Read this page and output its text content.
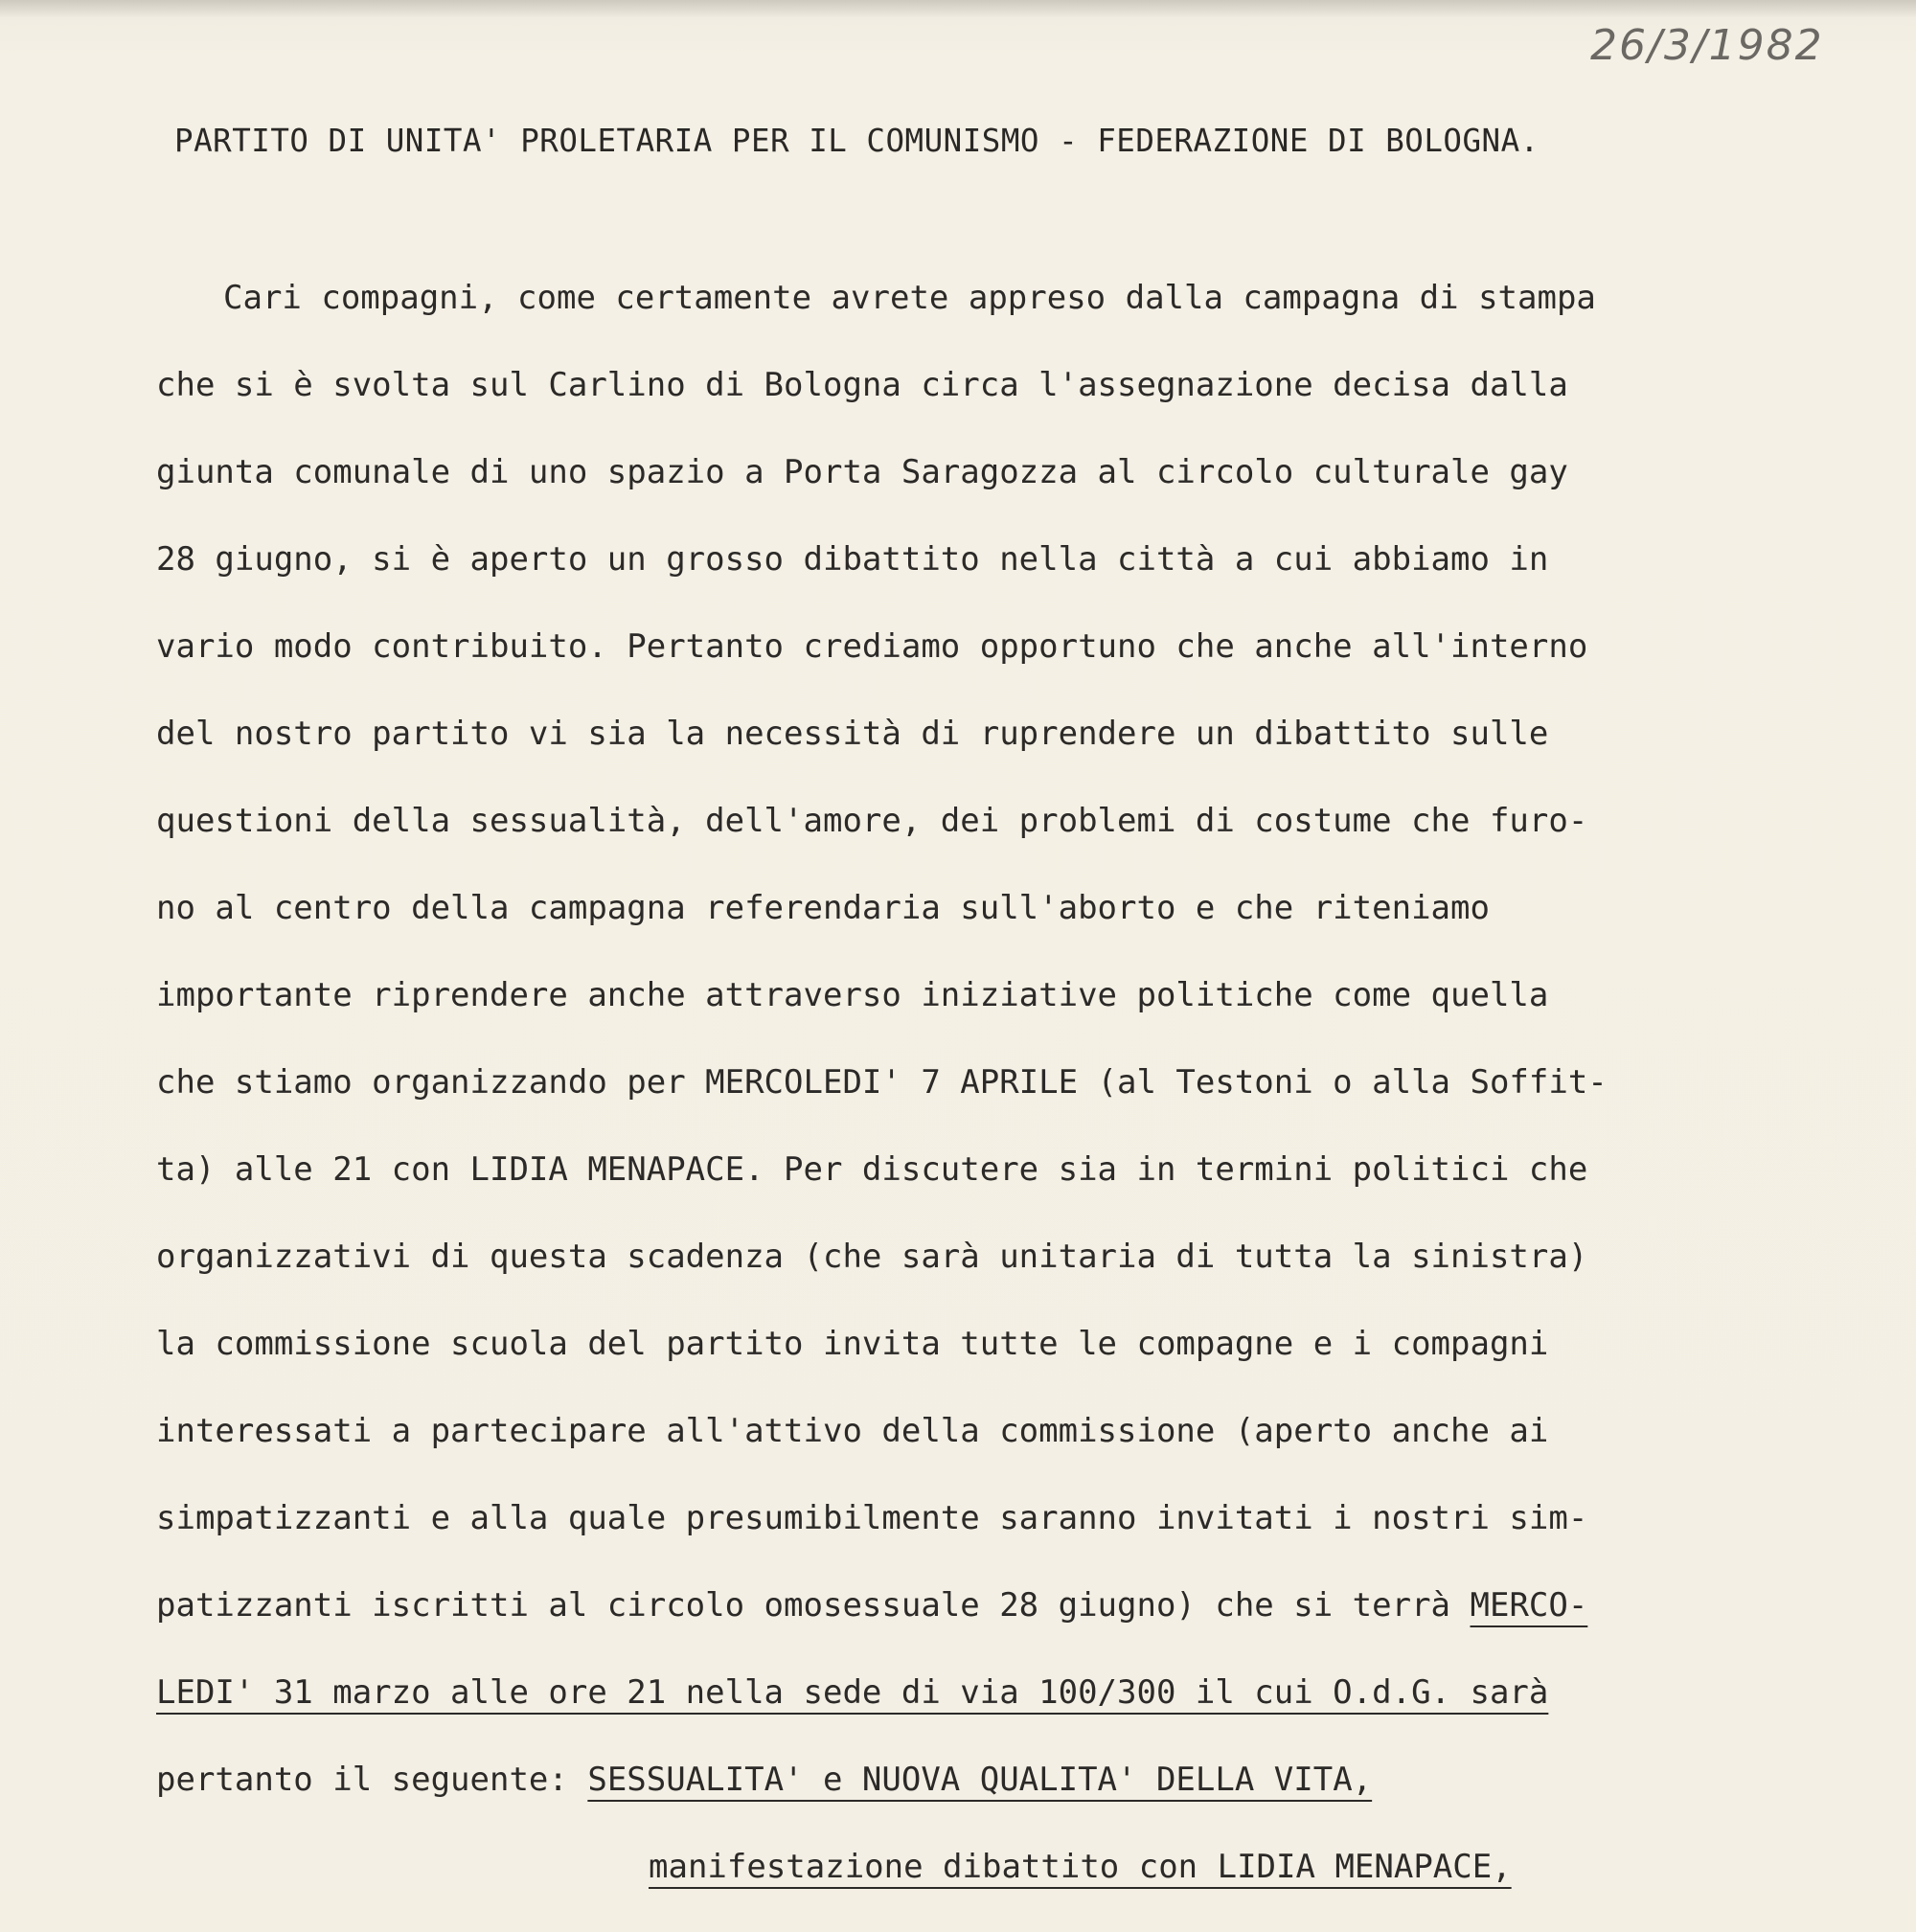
26/3/1982
PARTITO DI UNITA' PROLETARIA PER IL COMUNISMO - FEDERAZIONE DI BOLOGNA.
Cari compagni, come certamente avrete appreso dalla campagna di stampa
che si è svolta sul Carlino di Bologna circa l'assegnazione decisa dalla
giunta comunale di uno spazio a Porta Saragozza al circolo culturale gay
28 giugno, si è aperto un grosso dibattito nella città a cui abbiamo in
vario modo contribuito. Pertanto crediamo opportuno che anche all'interno
del nostro partito vi sia la necessità di ruprendere un dibattito sulle
questioni della sessualità, dell'amore, dei problemi di costume che furo-
no al centro della campagna referendaria sull'aborto e che riteniamo
importante riprendere anche attraverso iniziative politiche come quella
che stiamo organizzando per MERCOLEDI' 7 APRILE (al Testoni o alla Soffit-
ta) alle 21 con LIDIA MENAPACE. Per discutere sia in termini politici che
organizzativi di questa scadenza (che sarà unitaria di tutta la sinistra)
la commissione scuola del partito invita tutte le compagne e i compagni
interessati a partecipare all'attivo della commissione (aperto anche ai
simpatizzanti e alla quale presumibilmente saranno invitati i nostri sim-
patizzanti iscritti al circolo omosessuale 28 giugno) che si terrà MERCO-
LEDI' 31 marzo alle ore 21 nella sede di via 100/300 il cui O.d.G. sarà
pertanto il seguente: SESSUALITA' e NUOVA QUALITA' DELLA VITA,
manifestazione dibattito con LIDIA MENAPACE,
